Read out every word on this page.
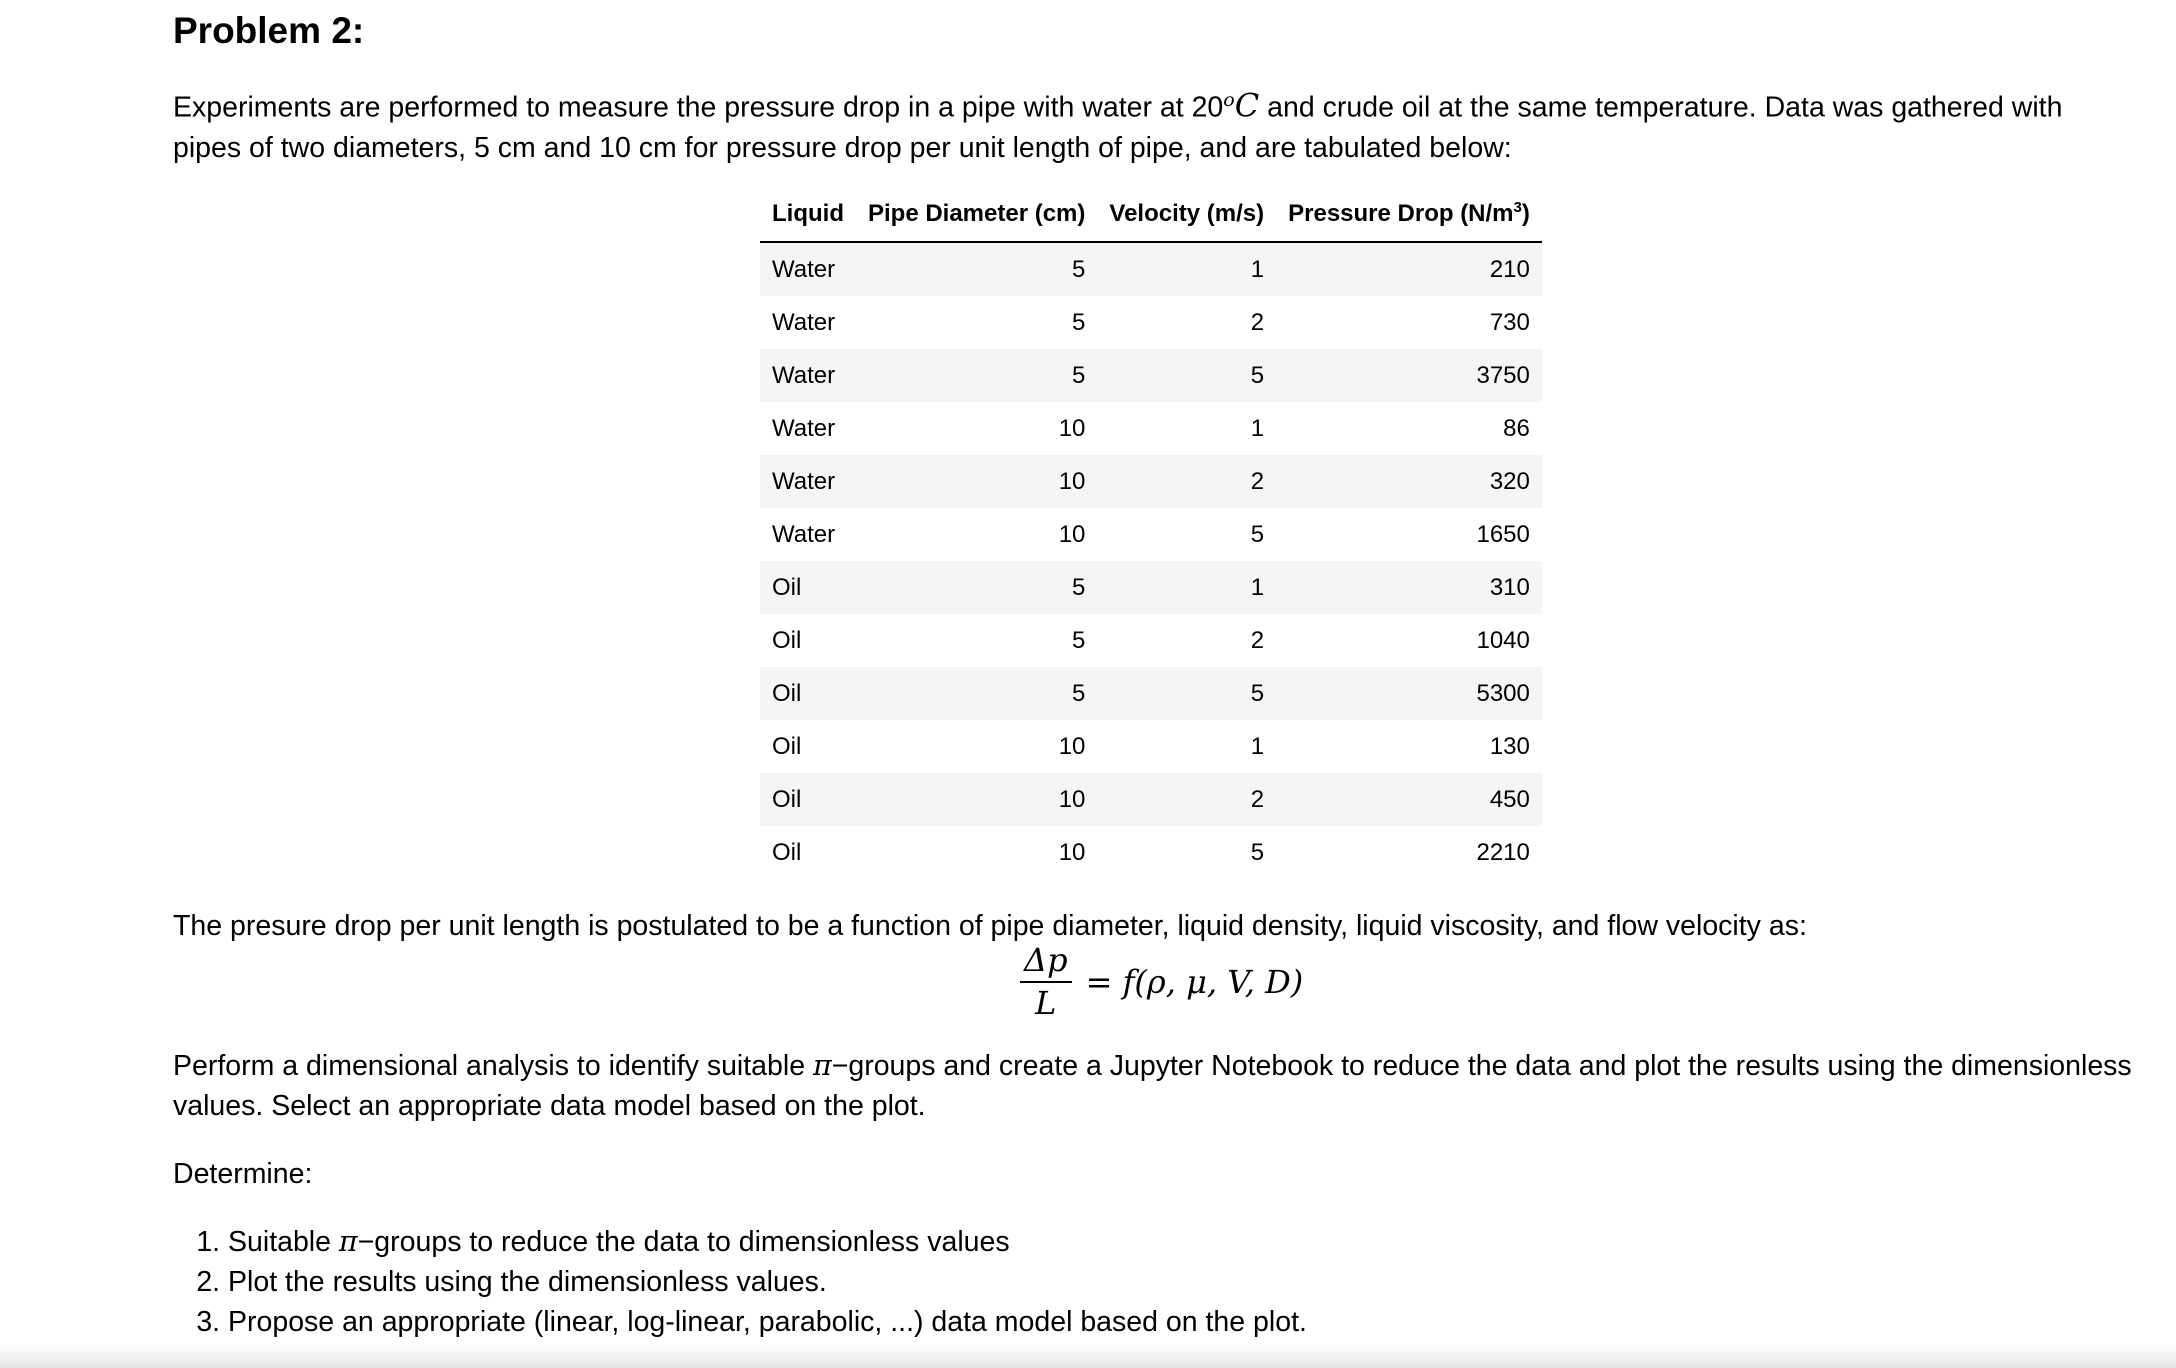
Problem 2:

Experiments are performed to measure the pressure drop in a pipe with water at 20$^o$C and crude oil at the same temperature. Data was gathered with pipes of two diameters, 5 cm and 10 cm for pressure drop per unit length of pipe, and are tabulated below:

Liquid	Pipe Diameter (cm)	Velocity (m/s)	Pressure Drop $(N/m^3)$
Water	5	1	210
Water	5	2	730
Water	5	5	3750
Water	10	1	86
Water	10	2	320
Water	10	5	1650
Oil	5	1	310
Oil	5	2	1040
Oil	5	5	5300
Oil	10	1	130
Oil	10	2	450
Oil	10	5	2210

The presure drop per unit length is postulated to be a function of pipe diameter, liquid density, liquid viscosity, and flow velocity as:

$\frac{\Delta p}{L} = f(\rho$, μ, V, D)

Perform a dimensional analysis to identify suitable π−groups and create a Jupyter Notebook to reduce the data and plot the results using the dimensionless values. Select an appropriate data model based on the plot.

Determine:

1. Suitable π−groups to reduce the data to dimensionless values
2. Plot the results using the dimensionless values.
3. Propose an appropriate (linear, log-linear, parabolic, ...) data model based on the plot.
